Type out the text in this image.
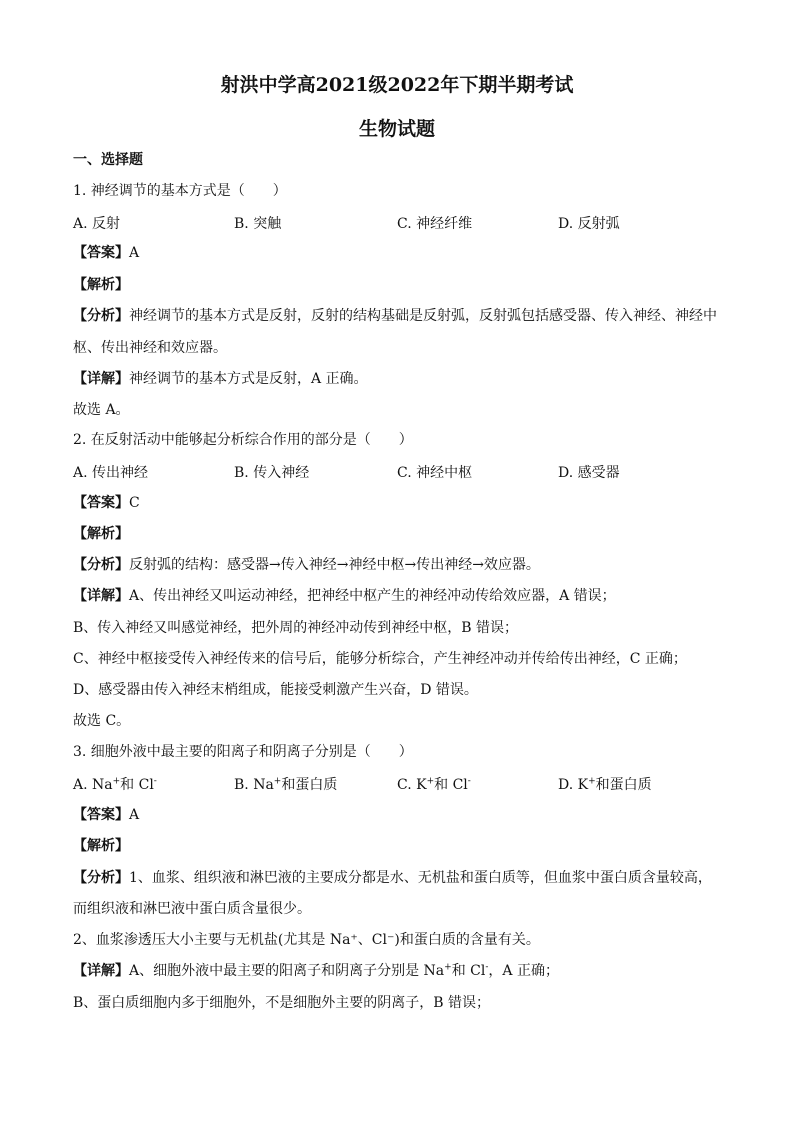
射洪中学高2021级2022年下期半期考试
生物试题
一、选择题
1. 神经调节的基本方式是（　　）
A. 反射	B. 突触	C. 神经纤维	D. 反射弧
【答案】A
【解析】
【分析】神经调节的基本方式是反射，反射的结构基础是反射弧，反射弧包括感受器、传入神经、神经中
枢、传出神经和效应器。
【详解】神经调节的基本方式是反射，A 正确。
故选 A。
2. 在反射活动中能够起分析综合作用的部分是（　　）
A. 传出神经	B. 传入神经	C. 神经中枢	D. 感受器
【答案】C
【解析】
【分析】反射弧的结构：感受器→传入神经→神经中枢→传出神经→效应器。
【详解】A、传出神经又叫运动神经，把神经中枢产生的神经冲动传给效应器，A 错误；
B、传入神经又叫感觉神经，把外周的神经冲动传到神经中枢，B 错误；
C、神经中枢接受传入神经传来的信号后，能够分析综合，产生神经冲动并传给传出神经，C 正确；
D、感受器由传入神经末梢组成，能接受刺激产生兴奋，D 错误。
故选 C。
3. 细胞外液中最主要的阳离子和阴离子分别是（　　）
A. Na+和 Cl-	B. Na+和蛋白质	C. K+和 Cl-	D. K+和蛋白质
【答案】A
【解析】
【分析】1、血浆、组织液和淋巴液的主要成分都是水、无机盐和蛋白质等，但血浆中蛋白质含量较高，
而组织液和淋巴液中蛋白质含量很少。
2、血浆渗透压大小主要与无机盐(尤其是 Na⁺、Cl⁻)和蛋白质的含量有关。
【详解】A、细胞外液中最主要的阳离子和阴离子分别是 Na+和 Cl-，A 正确；
B、蛋白质细胞内多于细胞外，不是细胞外主要的阴离子，B 错误；
